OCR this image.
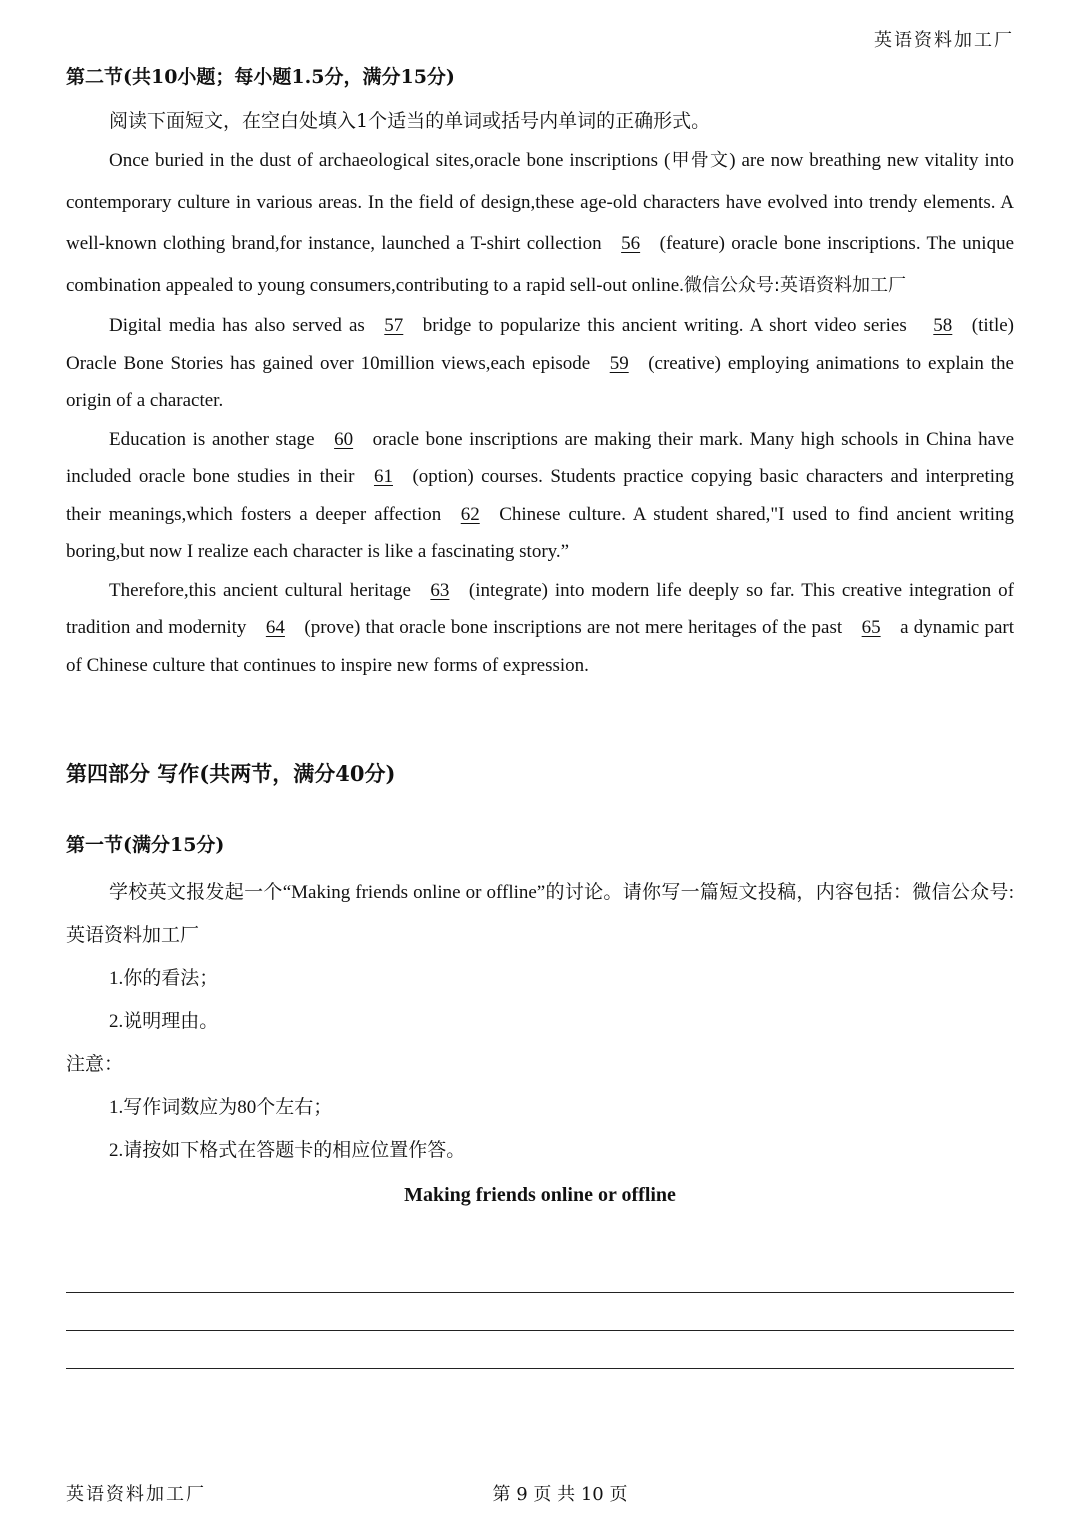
英语资料加工厂
第二节(共10小题；每小题1.5分，满分15分)

阅读下面短文，在空白处填入1个适当的单词或括号内单词的正确形式。

Once buried in the dust of archaeological sites,oracle bone inscriptions (甲骨文) are now breathing new vitality into contemporary culture in various areas. In the field of design,these age-old characters have evolved into trendy elements. A well-known clothing brand,for instance, launched a T-shirt collection 56 (feature) oracle bone inscriptions. The unique combination appealed to young consumers,contributing to a rapid sell-out online.微信公众号:英语资料加工厂

Digital media has also served as 57 bridge to popularize this ancient writing. A short video series 58 (title) Oracle Bone Stories has gained over 10million views,each episode 59 (creative) employing animations to explain the origin of a character.

Education is another stage 60 oracle bone inscriptions are making their mark. Many high schools in China have included oracle bone studies in their 61 (option) courses. Students practice copying basic characters and interpreting their meanings,which fosters a deeper affection 62 Chinese culture. A student shared,"I used to find ancient writing boring,but now I realize each character is like a fascinating story.”

Therefore,this ancient cultural heritage 63 (integrate) into modern life deeply so far. This creative integration of tradition and modernity 64 (prove) that oracle bone inscriptions are not mere heritages of the past 65 a dynamic part of Chinese culture that continues to inspire new forms of expression.

第四部分 写作(共两节，满分40分)
第一节(满分15分)

学校英文报发起一个“Making friends online or offline”的讨论。请你写一篇短文投稿，内容包括：微信公众号:英语资料加工厂

1.你的看法；

2.说明理由。

注意：

1.写作词数应为80个左右；

2.请按如下格式在答题卡的相应位置作答。

Making friends online or offline
英语资料加工厂	第 9 页 共 10 页
